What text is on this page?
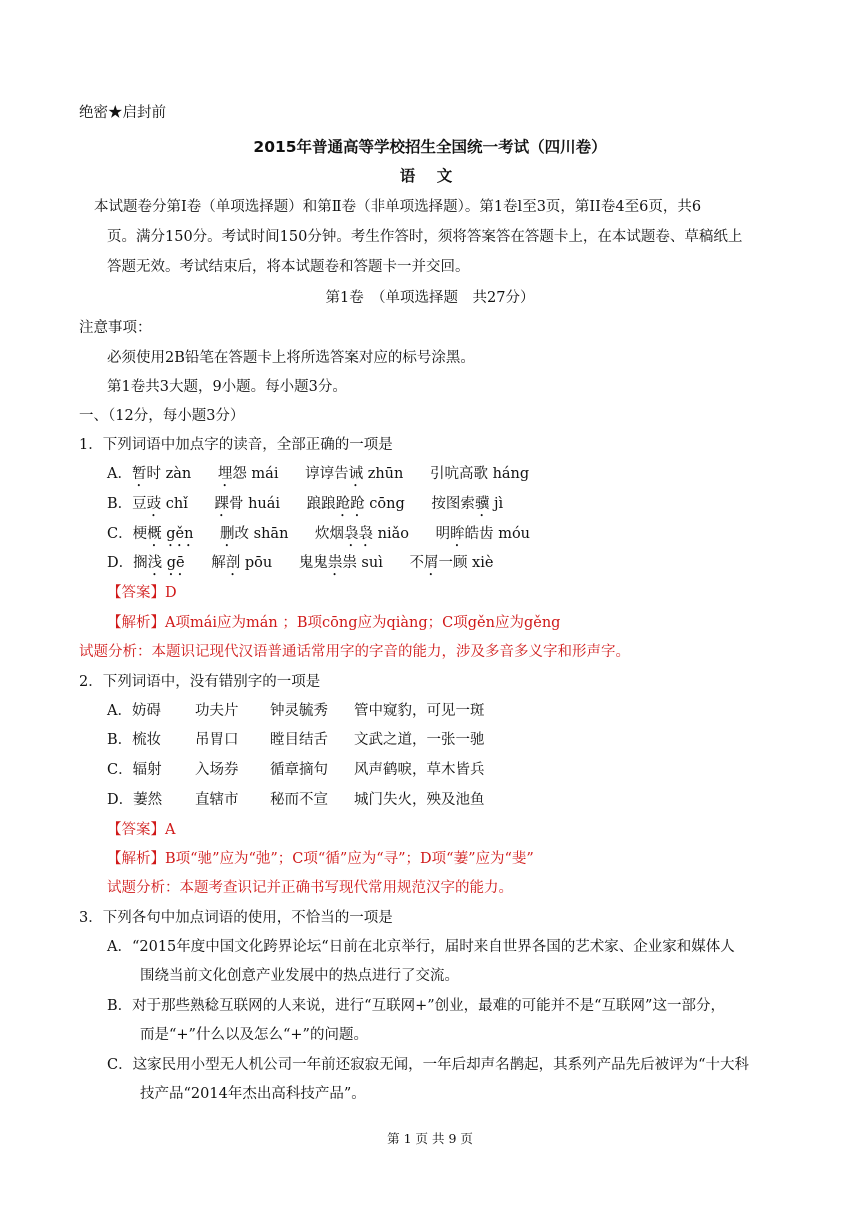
绝密★启封前
2015年普通高等学校招生全国统一考试（四川卷）
语 文
本试题卷分第Ⅰ卷（单项选择题）和第Ⅱ卷（非单项选择题）。第1卷l至3页，第II卷4至6页，共6
页。满分150分。考试时间150分钟。考生作答时，须将答案答在答题卡上，在本试题卷、草稿纸上
答题无效。考试结束后，将本试题卷和答题卡一并交回。
第1卷　（单项选择题　共27分）
注意事项：
必须使用2B铅笔在答题卡上将所选答案对应的标号涂黑。
第1卷共3大题，9小题。每小题3分。
一、（12分，每小题3分）
1．下列词语中加点字的读音，全部正确的一项是
A．暂时 zàn 埋怨 mái 谆谆告诫 zhūn 引吭高歌 háng
B．豆豉 chǐ 踝骨 huái 踉踉跄跄 cōng 按图索骥 jì
C．梗概 gěn 删改 shān 炊烟袅袅 niǎo 明眸皓齿 móu
D．搁浅 gē 解剖 pōu 鬼鬼祟祟 suì 不屑一顾 xiè
【答案】D
【解析】A项mái应为mán ；B项cōng应为qiàng；C项gěn应为gěng
试题分析：本题识记现代汉语普通话常用字的字音的能力，涉及多音多义字和形声字。
2．下列词语中，没有错别字的一项是
A．妨碍 功夫片 钟灵毓秀 管中窥豹，可见一斑
B．梳妆 吊胃口 瞠目结舌 文武之道，一张一驰
C．辐射 入场券 循章摘句 风声鹤唳，草木皆兵
D．萋然 直辖市 秘而不宣 城门失火，殃及池鱼
【答案】A
【解析】B项“驰”应为“弛”；C项“循”应为“寻”；D项“萋”应为“斐”
试题分析：本题考查识记并正确书写现代常用规范汉字的能力。
3．下列各句中加点词语的使用，不恰当的一项是
A．“2015年度中国文化跨界论坛“日前在北京举行，届时来自世界各国的艺术家、企业家和媒体人
围绕当前文化创意产业发展中的热点进行了交流。
B．对于那些熟稔互联网的人来说，进行“互联网+”创业，最难的可能并不是“互联网”这一部分，
而是“+”什么以及怎么“+”的问题。
C．这家民用小型无人机公司一年前还寂寂无闻，一年后却声名鹊起，其系列产品先后被评为“十大科
技产品“2014年杰出高科技产品”。
第 1 页 共 9 页
